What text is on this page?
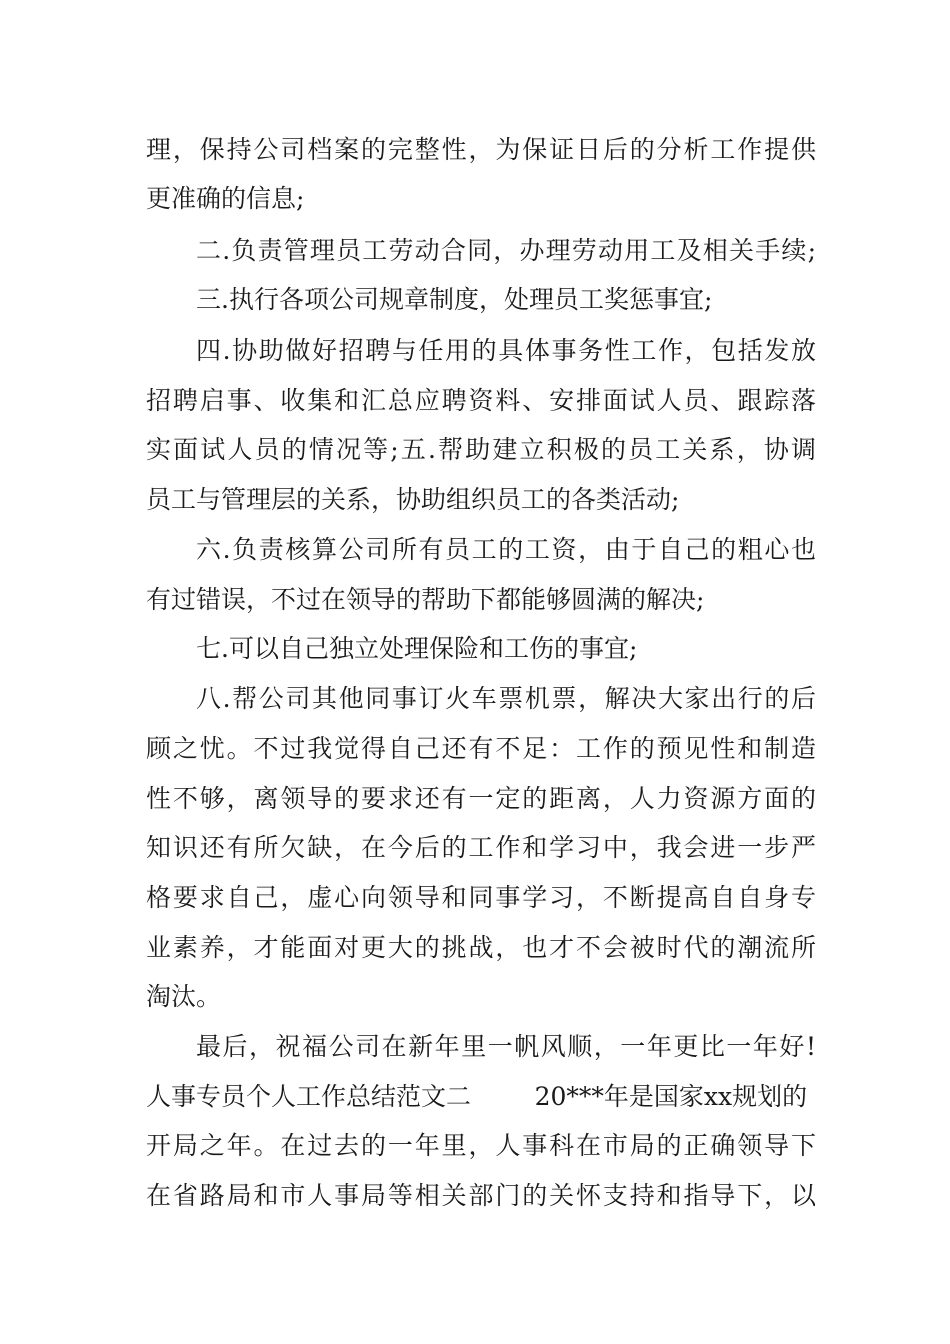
理，保持公司档案的完整性，为保证日后的分析工作提供
更准确的信息;
二.负责管理员工劳动合同，办理劳动用工及相关手续;
三.执行各项公司规章制度，处理员工奖惩事宜;
四.协助做好招聘与任用的具体事务性工作，包括发放
招聘启事、收集和汇总应聘资料、安排面试人员、跟踪落
实面试人员的情况等;五.帮助建立积极的员工关系，协调
员工与管理层的关系，协助组织员工的各类活动;
六.负责核算公司所有员工的工资，由于自己的粗心也
有过错误，不过在领导的帮助下都能够圆满的解决;
七.可以自己独立处理保险和工伤的事宜;
八.帮公司其他同事订火车票机票，解决大家出行的后
顾之忧。不过我觉得自己还有不足：工作的预见性和制造
性不够，离领导的要求还有一定的距离，人力资源方面的
知识还有所欠缺，在今后的工作和学习中，我会进一步严
格要求自己，虚心向领导和同事学习，不断提高自自身专
业素养，才能面对更大的挑战，也才不会被时代的潮流所
淘汰。
最后，祝福公司在新年里一帆风顺，一年更比一年好!
人事专员个人工作总结范文二        20***年是国家xx规划的
开局之年。在过去的一年里，人事科在市局的正确领导下
在省路局和市人事局等相关部门的关怀支持和指导下，以
